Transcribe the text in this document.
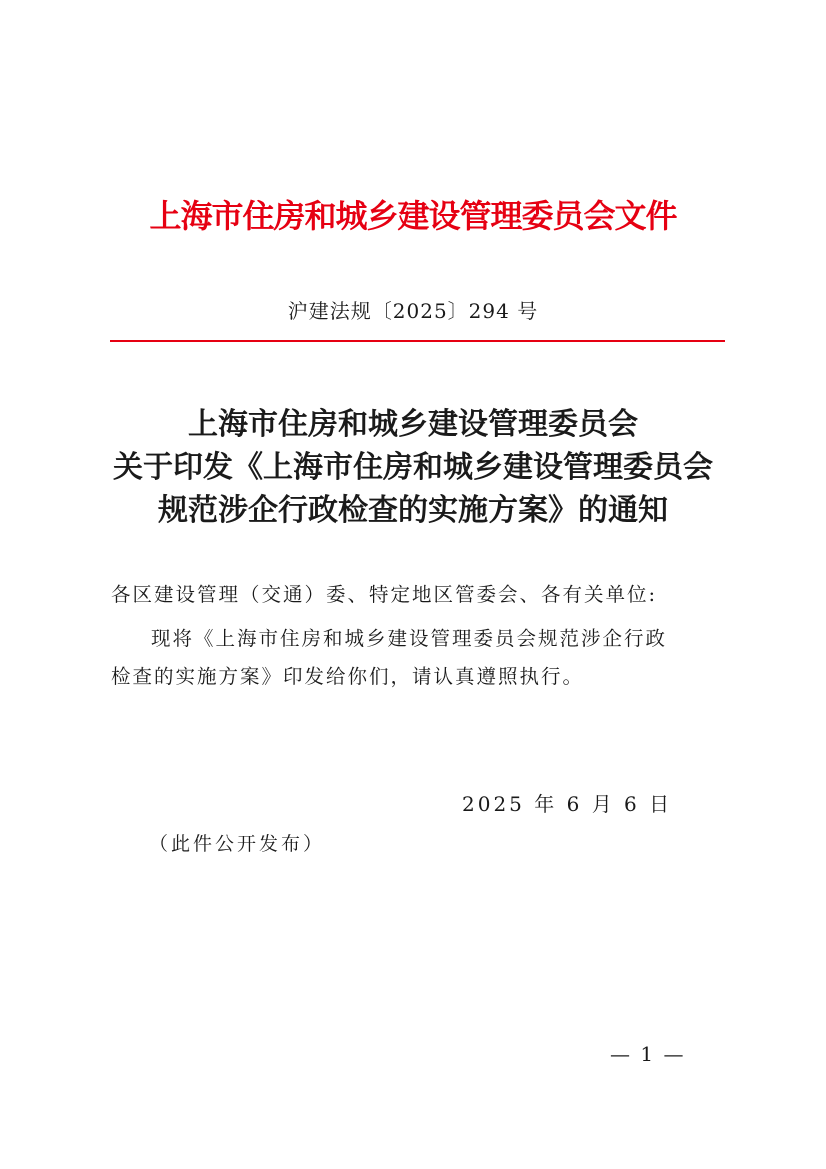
上海市住房和城乡建设管理委员会文件
沪建法规〔2025〕294 号
上海市住房和城乡建设管理委员会
关于印发《上海市住房和城乡建设管理委员会
规范涉企行政检查的实施方案》的通知
各区建设管理（交通）委、特定地区管委会、各有关单位:
现将《上海市住房和城乡建设管理委员会规范涉企行政
检查的实施方案》印发给你们，请认真遵照执行。
2025 年 6 月 6 日
（此件公开发布）
— 1 —
